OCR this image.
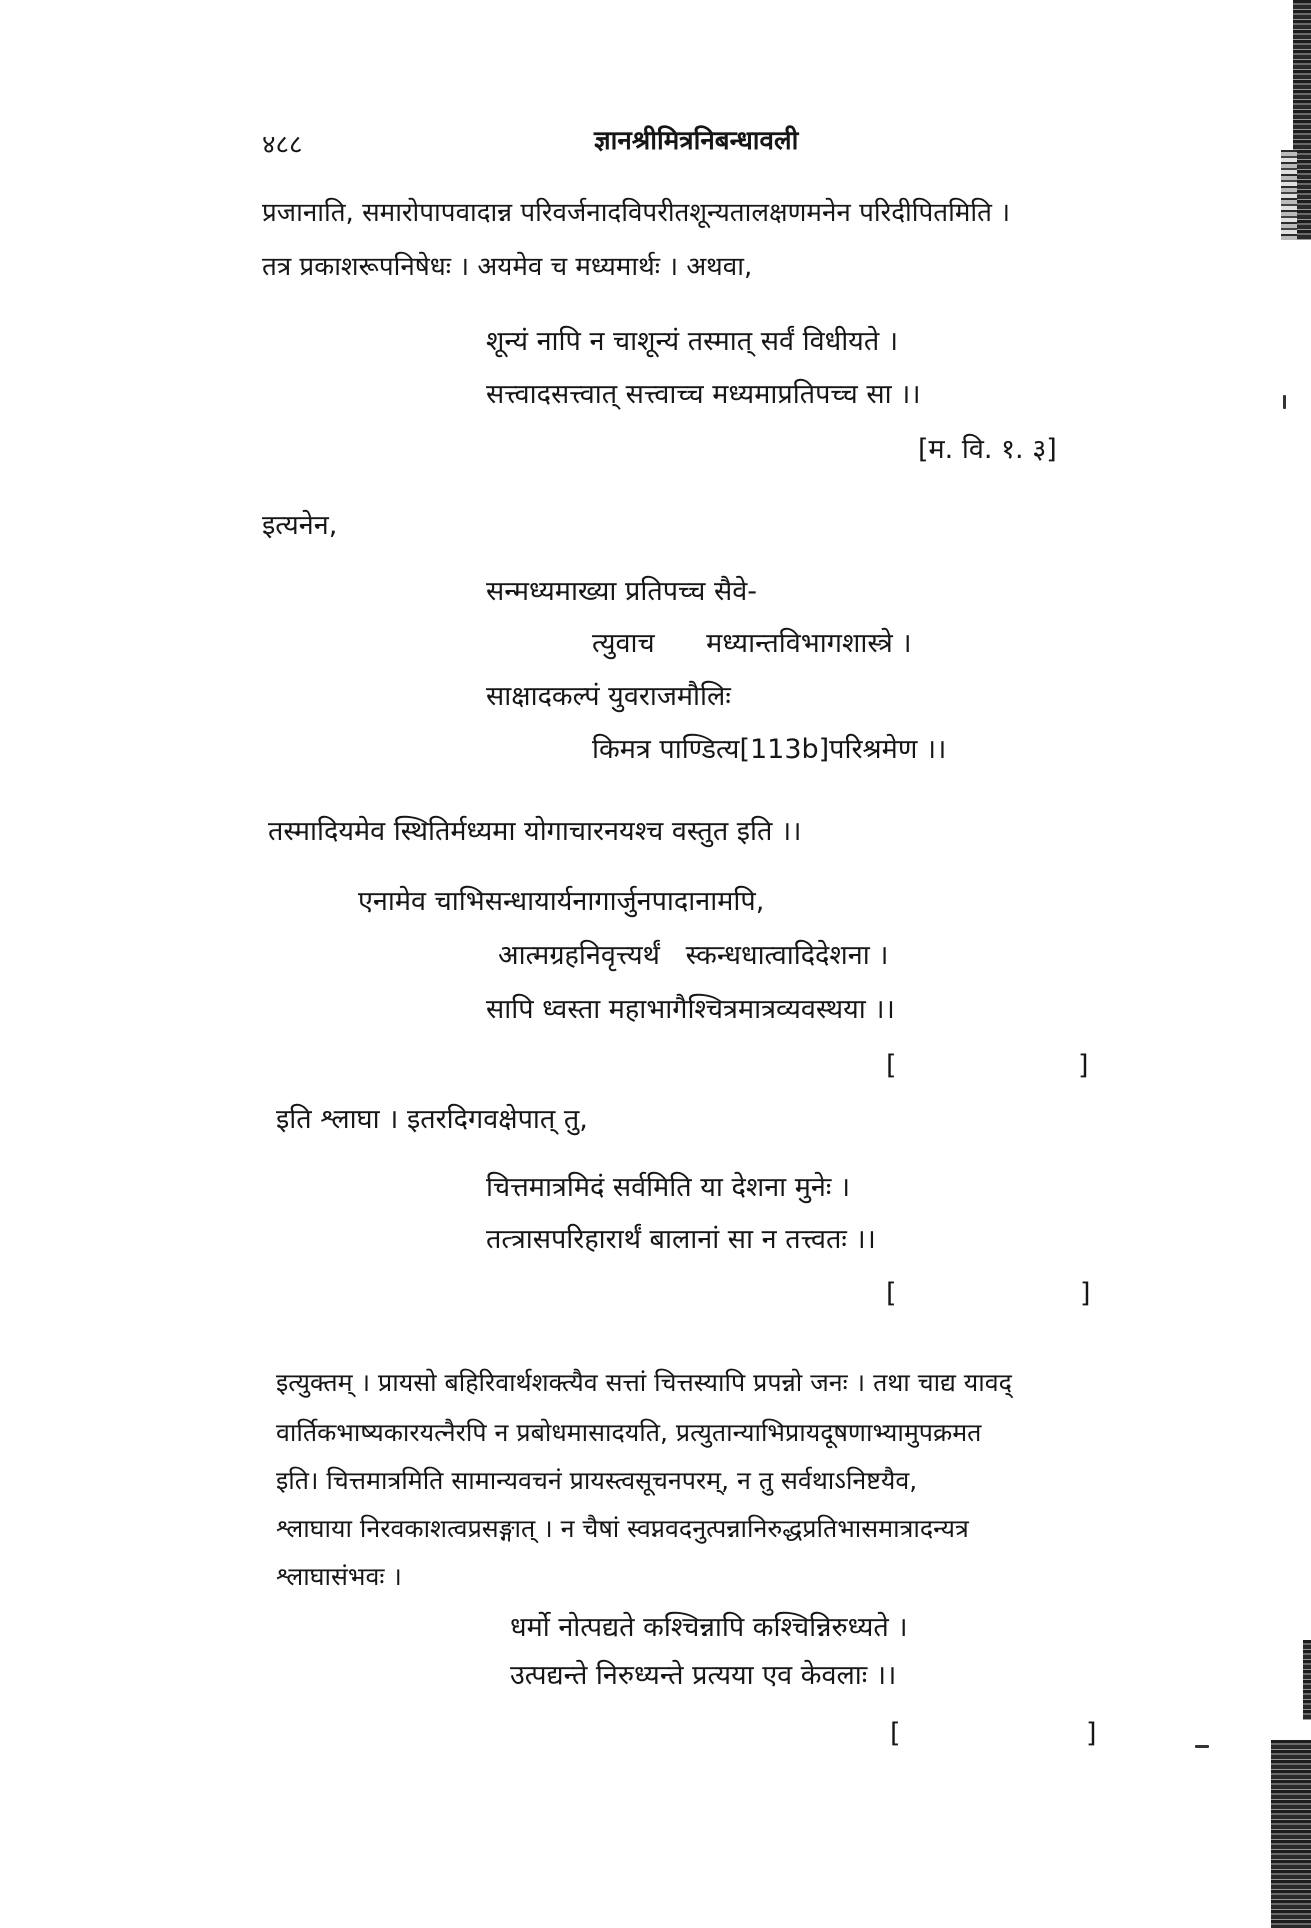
४८८	ज्ञानश्रीमित्रनिबन्धावली
प्रजानाति, समारोपापवादान्न परिवर्जनादविपरीतशून्यतालक्षणमनेन परिदीपितमिति ।
तत्र प्रकाशरूपनिषेधः । अयमेव च मध्यमार्थः । अथवा,
शून्यं नापि न चाशून्यं तस्मात् सर्वं विधीयते ।
सत्त्वादसत्त्वात् सत्त्वाच्च मध्यमाप्रतिपच्च सा ।।
[म. वि. १. ३]
इत्यनेन,
सन्मध्यमाख्या प्रतिपच्च सैवे-
त्युवाच      मध्यान्तविभागशास्त्रे ।
साक्षादकल्पं युवराजमौलिः
किमत्र पाण्डित्य[113b]परिश्रमेण ।।
तस्मादियमेव स्थितिर्मध्यमा योगाचारनयश्च वस्तुत इति ।।
एनामेव चाभिसन्धायार्यनागार्जुनपादानामपि,
आत्मग्रहनिवृत्त्यर्थं   स्कन्धधात्वादिदेशना ।
सापि ध्वस्ता महाभागैश्चित्रमात्रव्यवस्थया ।।
[	]
इति श्लाघा । इतरदिगवक्षेपात् तु,
चित्तमात्रमिदं सर्वमिति या देशना मुनेः ।
तत्त्रासपरिहारार्थं बालानां सा न तत्त्वतः ।।
[	]
इत्युक्तम् । प्रायसो बहिरिवार्थशक्त्यैव सत्तां चित्तस्यापि प्रपन्नो जनः । तथा चाद्य यावद्
वार्तिकभाष्यकारयत्नैरपि न प्रबोधमासादयति, प्रत्युतान्याभिप्रायदूषणाभ्यामुपक्रमत
इति। चित्तमात्रमिति सामान्यवचनं प्रायस्त्वसूचनपरम्, न तु सर्वथाऽनिष्टयैव,
श्लाघाया निरवकाशत्वप्रसङ्गात् । न चैषां स्वप्नवदनुत्पन्नानिरुद्धप्रतिभासमात्रादन्यत्र
श्लाघासंभवः ।
धर्मो नोत्पद्यते कश्चिन्नापि कश्चिन्निरुध्यते ।
उत्पद्यन्ते निरुध्यन्ते प्रत्यया एव केवलाः ।।
[	]
